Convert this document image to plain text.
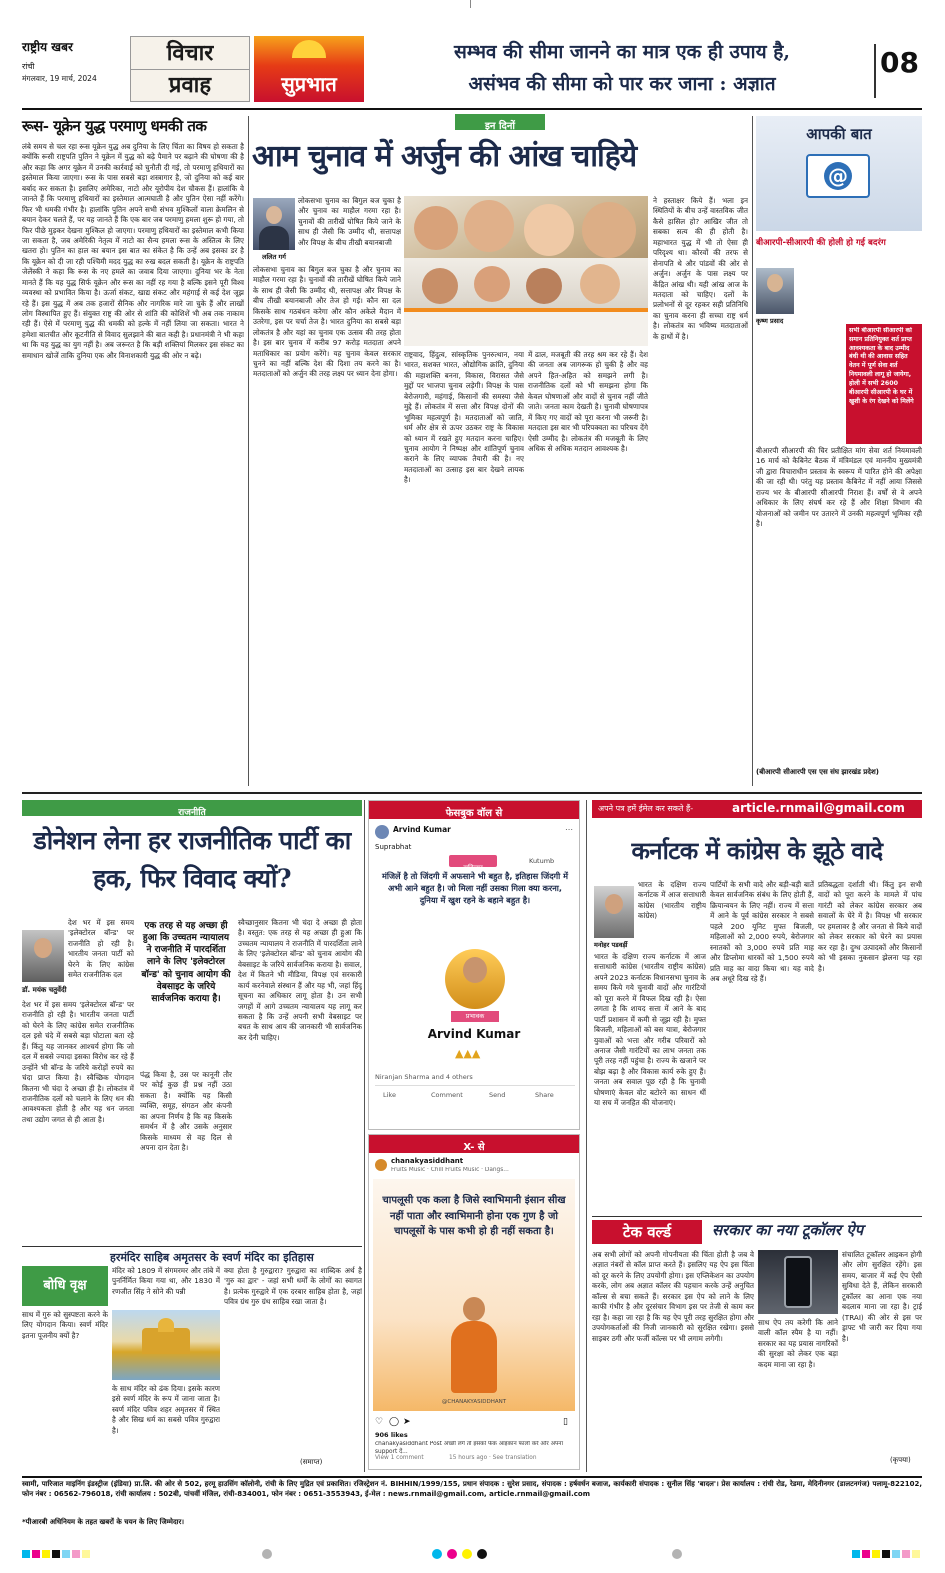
राष्ट्रीय खबर
रांची
मंगलवार, 19 मार्च, 2024
विचार
प्रवाह	सुप्रभात
सम्भव की सीमा जानने का मात्र एक ही उपाय है,
असंभव की सीमा को पार कर जाना : अज्ञात
08
रूस- यूक्रेन युद्ध परमाणु धमकी तक
लंबे समय से चल रहा रूस यूक्रेन युद्ध अब दुनिया के लिए चिंता का विषय हो सकता है क्योंकि रूसी राष्ट्रपति पुतिन ने यूक्रेन में युद्ध को बढ़े पैमाने पर बढ़ाने की घोषणा की है और कहा कि अगर यूक्रेन में उनकी कार्रवाई को चुनौती दी गई, तो परमाणु हथियारों का इस्तेमाल किया जाएगा। रूस के पास सबसे बड़ा शस्त्रागार है, जो दुनिया को कई बार बर्बाद कर सकता है। इसलिए अमेरिका, नाटो और यूरोपीय देश चौकस हैं। हालांकि वे जानते हैं कि परमाणु हथियारों का इस्तेमाल आत्मघाती है और पुतिन ऐसा नहीं करेंगे। फिर भी धमकी गंभीर है। हालांकि पुतिन अपने सभी संभव मुश्किलों वाला क्रेमलिन से बयान देकर चलते हैं, पर यह जानते हैं कि एक बार जब परमाणु हमला शुरू हो गया, तो फिर पीछे मुड़कर देखना मुश्किल हो जाएगा। परमाणु हथियारों का इस्तेमाल कभी किया जा सकता है, जब अमेरिकी नेतृत्व में नाटो का सैन्य हमला रूस के अस्तित्व के लिए खतरा हो। पुतिन का हाल का बयान इस बात का संकेत है कि उन्हें अब इसका डर है कि यूक्रेन को दी जा रही पश्चिमी मदद युद्ध का रुख बदल सकती है। यूक्रेन के राष्ट्रपति जेलेंस्की ने कहा कि रूस के नए हमले का जवाब दिया जाएगा। दुनिया भर के नेता मानते हैं कि यह युद्ध सिर्फ यूक्रेन और रूस का नहीं रह गया है बल्कि इसने पूरी विश्व व्यवस्था को प्रभावित किया है। ऊर्जा संकट, खाद्य संकट और महंगाई से कई देश जूझ रहे हैं। इस युद्ध में अब तक हजारों सैनिक और नागरिक मारे जा चुके हैं और लाखों लोग विस्थापित हुए हैं। संयुक्त राष्ट्र की ओर से शांति की कोशिशें भी अब तक नाकाम रही हैं। ऐसे में परमाणु युद्ध की धमकी को हल्के में नहीं लिया जा सकता। भारत ने हमेशा बातचीत और कूटनीति से विवाद सुलझाने की बात कही है। प्रधानमंत्री ने भी कहा था कि यह युद्ध का युग नहीं है। अब जरूरत है कि बड़ी शक्तियां मिलकर इस संकट का समाधान खोजें ताकि दुनिया एक और विनाशकारी युद्ध की ओर न बढ़े।
इन दिनों
आम चुनाव में अर्जुन की आंख चाहिये
ललित गर्ग
लोकसभा चुनाव का बिगुल बज चुका है और चुनाव का माहौल गरमा रहा है। चुनावों की तारीखें घोषित किये जाने के साथ ही जैसी कि उम्मीद थी, सत्तापक्ष और विपक्ष के बीच तीखी बयानबाजी और तेज हो गई। कौन सा दल किसके साथ गठबंधन करेगा और कौन अकेले मैदान में उतरेगा, इस पर चर्चा तेज है। भारत दुनिया का सबसे बड़ा लोकतंत्र है और यहां का चुनाव एक उत्सव की तरह होता है। इस बार चुनाव में करीब 97 करोड़ मतदाता अपने मताधिकार का प्रयोग करेंगे। यह चुनाव केवल सरकार चुनने का नहीं बल्कि देश की दिशा तय करने का है। मतदाताओं को अर्जुन की तरह लक्ष्य पर ध्यान देना होगा।
लोकसभा चुनाव का बिगुल बज चुका है और चुनाव का माहौल गरमा रहा है। चुनावों की तारीखें घोषित किये जाने के साथ ही जैसी कि उम्मीद थी, सत्तापक्ष और विपक्ष के बीच तीखी बयानबाजी
राष्ट्रवाद, हिंदुत्व, सांस्कृतिक पुनरुत्थान, नया भारत, सशक्त भारत, औद्योगिक क्रांति, दुनिया की महाशक्ति बनना, विकास, विरासत जैसे मुद्दों पर भाजपा चुनाव लड़ेगी। विपक्ष के पास बेरोजगारी, महंगाई, किसानों की समस्या जैसे मुद्दे हैं। लोकतंत्र में सत्ता और विपक्ष दोनों की भूमिका महत्वपूर्ण है। मतदाताओं को जाति, धर्म और क्षेत्र से ऊपर उठकर राष्ट्र के विकास को ध्यान में रखते हुए मतदान करना चाहिए। चुनाव आयोग ने निष्पक्ष और शांतिपूर्ण चुनाव कराने के लिए व्यापक तैयारी की है। नए मतदाताओं का उत्साह इस बार देखने लायक है।
में ढाल, मजबूती की तरह श्रम कर रहे हैं। देश की जनता अब जागरूक हो चुकी है और वह अपने हित-अहित को समझने लगी है। राजनीतिक दलों को भी समझना होगा कि केवल घोषणाओं और वादों से चुनाव नहीं जीते जाते। जनता काम देखती है। चुनावी घोषणापत्र में किए गए वादों को पूरा करना भी जरूरी है। मतदाता इस बार भी परिपक्वता का परिचय देंगे ऐसी उम्मीद है। लोकतंत्र की मजबूती के लिए अधिक से अधिक मतदान आवश्यक है।
ने हस्ताक्षर किये हैं। भला इन स्थितियों के बीच उन्हें वास्तविक जीत कैसे हासिल हो? आखिर जीत तो सबका सत्य की ही होती है। महाभारत युद्ध में भी तो ऐसा ही परिदृश्य था। कौरवों की तरफ से सेनापति थे और पांडवों की ओर से अर्जुन। अर्जुन के पास लक्ष्य पर केंद्रित आंख थी। यही आंख आज के मतदाता को चाहिए। दलों के प्रलोभनों से दूर रहकर सही प्रतिनिधि का चुनाव करना ही सच्चा राष्ट्र धर्म है। लोकतंत्र का भविष्य मतदाताओं के हाथों में है।
आपकी बात
@
बीआरपी-सीआरपी की होली हो गई बदरंग
कृष्ण प्रसाद
सभी बीआरपी सीआरपी को समान प्रतिनियुक्त शर्त प्राप्त आवश्यकता के बाद उम्मीद बंधी थी की आवास सहित वेतन में पूर्ण सेवा शर्त नियमावली लागू हो जायेगा, होली में सभी 2600 बीआरपी सीआरपी के घर में खुशी के रंग देखने को मिलेंगे
बीआरपी सीआरपी की चिर प्रतीक्षित मांग सेवा शर्त नियमावली 16 मार्च को कैबिनेट बैठक में मंत्रिमंडल एवं माननीय मुख्यमंत्री जी द्वारा विचाराधीन प्रस्ताव के स्वरूप में पारित होने की अपेक्षा की जा रही थी। परंतु यह प्रस्ताव कैबिनेट में नहीं आया जिससे राज्य भर के बीआरपी सीआरपी निराश हैं। वर्षों से वे अपने अधिकार के लिए संघर्ष कर रहे हैं और शिक्षा विभाग की योजनाओं को जमीन पर उतारने में उनकी महत्वपूर्ण भूमिका रही है।
(बीआरपी सीआरपी एस एस संघ झारखंड प्रदेश)
राजनीति
डोनेशन लेना हर राजनीतिक पार्टी का हक, फिर विवाद क्यों?
डॉ. मयंक चतुर्वेदी
देश भर में इस समय 'इलेक्टोरल बॉन्ड' पर राजनीति हो रही है। भारतीय जनता पार्टी को घेरने के लिए कांग्रेस समेत राजनीतिक दल इसे चंदे में सबसे बड़ा घोटाला बता रहे हैं। किंतु यह जानकर आश्चर्य होगा कि जो दल में सबसे ज्यादा इसका विरोध कर रहे हैं उन्होंने भी बॉन्ड के जरिये करोड़ों रुपये का चंदा प्राप्त किया है। स्वैच्छिक योगदान कितना भी चंदा दे अच्छा ही है। लोकतंत्र में राजनीतिक दलों को चलाने के लिए धन की आवश्यकता होती है और यह धन जनता तथा उद्योग जगत से ही आता है।
देश भर में इस समय 'इलेक्टोरल बॉन्ड' पर राजनीति हो रही है। भारतीय जनता पार्टी को घेरने के लिए कांग्रेस समेत राजनीतिक दल
एक तरह से यह अच्छा ही हुआ कि उच्चतम न्यायालय ने राजनीति में पारदर्शिता लाने के लिए 'इलेक्टोरल बॉन्ड' को चुनाव आयोग की वेबसाइट के जरिये सार्वजनिक कराया है।
पंद्ध किया है, उस पर कानूनी तौर पर कोई कुछ ही प्रश्न नहीं उठा सकता है। क्योंकि यह किसी व्यक्ति, समूह, संगठन और कंपनी का अपना निर्णय है कि वह किसके समर्थन में है और उसके अनुसार किसके माध्यम से वह दिल से अपना दान देता है।
स्वैच्छानुसार कितना भी चंदा दे अच्छा ही होता है। वस्तुत: एक तरह से यह अच्छा ही हुआ कि उच्चतम न्यायालय ने राजनीति में पारदर्शिता लाने के लिए 'इलेक्टोरल बॉन्ड' को चुनाव आयोग की वेबसाइट के जरिये सार्वजनिक कराया है। सवाल, देश में कितने भी मीडिया, विपक्ष एवं सरकारी कार्य करनेवाले संस्थान हैं और यह भी, जहां हिंदू सूचना का अधिकार लागू होता है। उन सभी जगहों में आगे उच्चतम न्यायालय यह लागू कर सकता है कि उन्हें अपनी सभी वेबसाइट पर बचत के साथ आय की जानकारी भी सार्वजनिक कर देनी चाहिए।
हरमंदिर साहिब अमृतसर के स्वर्ण मंदिर का इतिहास
बोधि वृक्ष
साथ में गुरु को सुस्पष्टता करने के लिए योगदान किया। स्वर्ण मंदिर इतना पूजनीय क्यों है?
मंदिर को 1809 में संगमरमर और तांबे में पुनर्निर्मित किया गया था, और 1830 में रणजीत सिंह ने सोने की पन्नी
के साथ मंदिर को ढंक दिया। इसके कारण इसे स्वर्ण मंदिर के रूप में जाना जाता है। स्वर्ण मंदिर पवित्र शहर अमृतसर में स्थित है और सिख धर्म का सबसे पवित्र गुरुद्वारा है।
क्या होता है गुरुद्वारा? गुरुद्वारा का शाब्दिक अर्थ है 'गुरु का द्वार' - जहां सभी धर्मों के लोगों का स्वागत है। प्रत्येक गुरुद्वारे में एक दरबार साहिब होता है, जहां पवित्र ग्रंथ गुरु ग्रंथ साहिब रखा जाता है।
(समाप्त)
फेसबुक वॉल से
Arvind Kumar
Suprabhat
⋯
सुविचार
Kutumb
मंजिलें है तो जिंदगी में अफसाने भी बहुत है, इतिहास जिंदगी में अभी आने बहुत है। जो मिला नहीं उसका गिला क्या करना, दुनिया में खुश रहने के बहाने बहुत है।
प्रभावक
Arvind Kumar
▲▲▲
Niranjan Sharma and 4 others
Like	Comment	Send	Share
X- से
chanakyasiddhant
Fruits Music · Chill Fruits Music · Dangs...
चापलूसी एक कला है जिसे स्वाभिमानी इंसान सीख नहीं पाता और स्वाभिमानी होना एक गुण है जो चापलूसों के पास कभी हो ही नहीं सकता है।
@CHANAKYASIDDHANT
♡ ◯ ➤	▯
906 likes
chanakyasiddhant Post अच्छी लगे तो इसको फेक आइकॉन फॉलो करें और अपना support दें...
View 1 comment	15 hours ago · See translation
अपने पत्र हमें ईमेल कर सकते हैं-	article.rnmail@gmail.com
कर्नाटक में कांग्रेस के झूठे वादे
मनोहर पडवर्ड़ी
भारत के दक्षिण राज्य कर्नाटक में आज सत्ताधारी कांग्रेस (भारतीय राष्ट्रीय कांग्रेस) अपने 2023 कर्नाटक विधानसभा चुनाव के समय किये गये चुनावी वादों और गारंटियों को पूरा करने में विफल दिख रही है। ऐसा लगता है कि शायद सत्ता में आने के बाद पार्टी प्रशासन में कमी से जूझ रही है। मुफ्त बिजली, महिलाओं को बस यात्रा, बेरोजगार युवाओं को भत्ता और गरीब परिवारों को अनाज जैसी गारंटियों का लाभ जनता तक पूरी तरह नहीं पहुंचा है। राज्य के खजाने पर बोझ बढ़ा है और विकास कार्य रुके हुए हैं। जनता अब सवाल पूछ रही है कि चुनावी घोषणाएं केवल वोट बटोरने का साधन थीं या सच में जनहित की योजनाएं।
भारत के दक्षिण राज्य कर्नाटक में आज सत्ताधारी कांग्रेस (भारतीय राष्ट्रीय कांग्रेस)
पार्टियों के सभी वादे और बड़ी-बड़ी बातें केवल सार्वजनिक संबंध के लिए होती हैं, क्रियान्वयन के लिए नहीं। राज्य में सत्ता में आने के पूर्व कांग्रेस सरकार ने सबसे पहले 200 यूनिट मुफ्त बिजली, महिलाओं को 2,000 रुपये, बेरोजगार स्नातकों को 3,000 रुपये प्रति माह और डिप्लोमा धारकों को 1,500 रुपये प्रति माह का वादा किया था। यह वादे अब अधूरे दिख रहे हैं।
प्रतिबद्धता दर्शाती थी। किंतु इन सभी वादों को पूरा करने के मामले में पांच गारंटी को लेकर कांग्रेस सरकार अब सवालों के घेरे में है। विपक्ष भी सरकार पर हमलावर है और जनता से किये वादों को लेकर सरकार को घेरने का प्रयास कर रहा है। दुग्ध उत्पादकों और किसानों को भी इसका नुकसान झेलना पड़ रहा है।
टेक वर्ल्ड	सरकार का नया टूकॉलर ऐप
अब सभी लोगों को अपनी गोपनीयता की चिंता होती है जब वे अज्ञात नंबरों से कॉल प्राप्त करते हैं। इसलिए यह ऐप इस चिंता को दूर करने के लिए उपयोगी होगा। इस एप्लिकेशन का उपयोग करके, लोग अब अज्ञात कॉलर की पहचान करके उन्हें अनुचित कॉल्स से बचा सकते हैं। सरकार इस ऐप को लाने के लिए काफी गंभीर है और दूरसंचार विभाग इस पर तेजी से काम कर रहा है। कहा जा रहा है कि यह ऐप पूरी तरह सुरक्षित होगा और उपयोगकर्ताओं की निजी जानकारी को सुरक्षित रखेगा। इससे साइबर ठगी और फर्जी कॉल्स पर भी लगाम लगेगी।
साथ ऐप तय करेगी कि आने वाली कॉल स्पैम है या नहीं। सरकार का यह प्रयास नागरिकों की सुरक्षा को लेकर एक बड़ा कदम माना जा रहा है।
संचालित टूकॉलर आइकन होगी और लोग सुरक्षित रहेंगे। इस समय, बाजार में कई ऐप ऐसी सुविधा देते हैं, लेकिन सरकारी टूकॉलर का आना एक नया बदलाव माना जा रहा है। ट्राई (TRAI) की ओर से इस पर ड्राफ्ट भी जारी कर दिया गया है।
(कृपया)
स्वामी, पारिजात माइनिंग इंडस्ट्रीज (इंडिया) प्रा.लि. की ओर से 502, हरमू हाउसिंग कॉलोनी, रांची के लिए मुद्रित एवं प्रकाशित। रजिस्ट्रेशन नं. BIHHIN/1999/155, प्रधान संपादक : सुरेश प्रसाद, संपादक : हर्षवर्धन बजाज, कार्यकारी संपादक : सुनील सिंह 'बादल'। प्रेस कार्यालय : रांची रोड, रेडमा, मेदिनीनगर (डालटनगंज) पलामू-822102, फोन नंबर : 06562-796018, रांची कार्यालय : 502बी, पांचवीं मंजिल, रांची-834001, फोन नंबर : 0651-3553943, ई-मेल : news.rnmail@gmail.com, article.rnmail@gmail.com
*पीआरबी अधिनियम के तहत खबरों के चयन के लिए जिम्मेदार।
